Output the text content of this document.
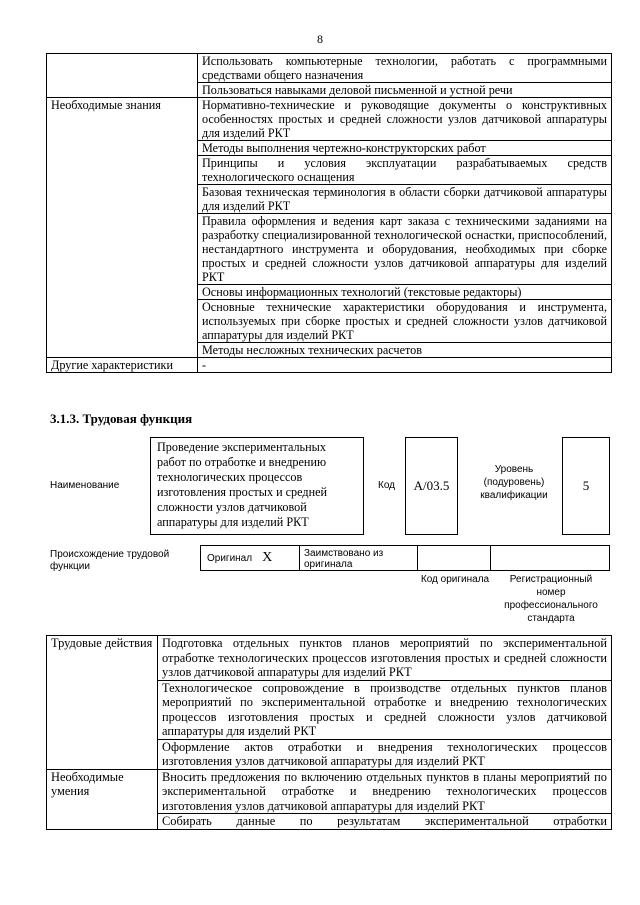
8
	Использовать компьютерные технологии, работать с программными средствами общего назначения
	Пользоваться навыками деловой письменной и устной речи
Необходимые знания	Нормативно-технические и руководящие документы о конструктивных особенностях простых и средней сложности узлов датчиковой аппаратуры для изделий РКТ
	Методы выполнения чертежно-конструкторских работ
	Принципы и условия эксплуатации разрабатываемых средств технологического оснащения
	Базовая техническая терминология в области сборки датчиковой аппаратуры для изделий РКТ
	Правила оформления и ведения карт заказа с техническими заданиями на разработку специализированной технологической оснастки, приспособлений, нестандартного инструмента и оборудования, необходимых при сборке простых и средней сложности узлов датчиковой аппаратуры для изделий РКТ
	Основы информационных технологий (текстовые редакторы)
	Основные технические характеристики оборудования и инструмента, используемых при сборке простых и средней сложности узлов датчиковой аппаратуры для изделий РКТ
	Методы несложных технических расчетов
Другие характеристики	-
3.1.3. Трудовая функция
Наименование
Проведение экспериментальных работ по отработке и внедрению технологических процессов изготовления простых и средней сложности узлов датчиковой аппаратуры для изделий РКТ
Код	А/03.5
Уровень (подуровень) квалификации
5
Происхождение трудовой функции
Оригинал X	Заимствовано из оригинала
Код оригинала	Регистрационный номер профессионального стандарта
Трудовые действия	Подготовка отдельных пунктов планов мероприятий по экспериментальной отработке технологических процессов изготовления простых и средней сложности узлов датчиковой аппаратуры для изделий РКТ
	Технологическое сопровождение в производстве отдельных пунктов планов мероприятий по экспериментальной отработке и внедрению технологических процессов изготовления простых и средней сложности узлов датчиковой аппаратуры для изделий РКТ
	Оформление актов отработки и внедрения технологических процессов изготовления узлов датчиковой аппаратуры для изделий РКТ
Необходимые умения	Вносить предложения по включению отдельных пунктов в планы мероприятий по экспериментальной отработке и внедрению технологических процессов изготовления узлов датчиковой аппаратуры для изделий РКТ
	Собирать данные по результатам экспериментальной отработки
